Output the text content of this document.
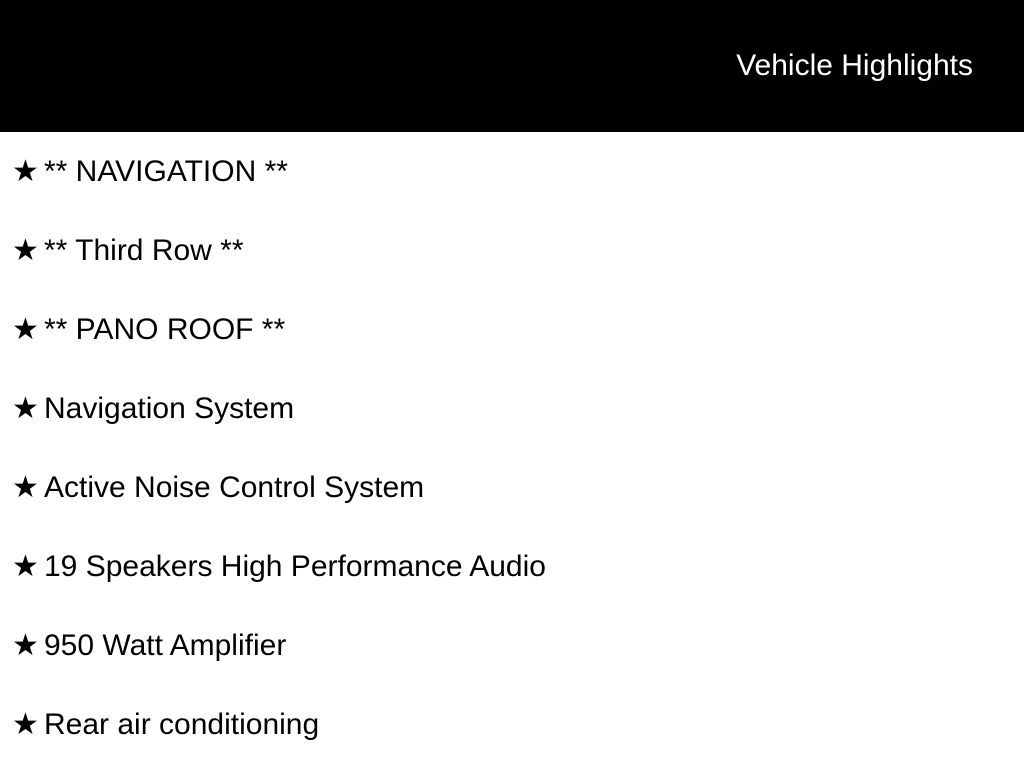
Vehicle Highlights
★ ** NAVIGATION **
★ ** Third Row **
★ ** PANO ROOF **
★ Navigation System
★ Active Noise Control System
★ 19 Speakers High Performance Audio
★ 950 Watt Amplifier
★ Rear air conditioning
